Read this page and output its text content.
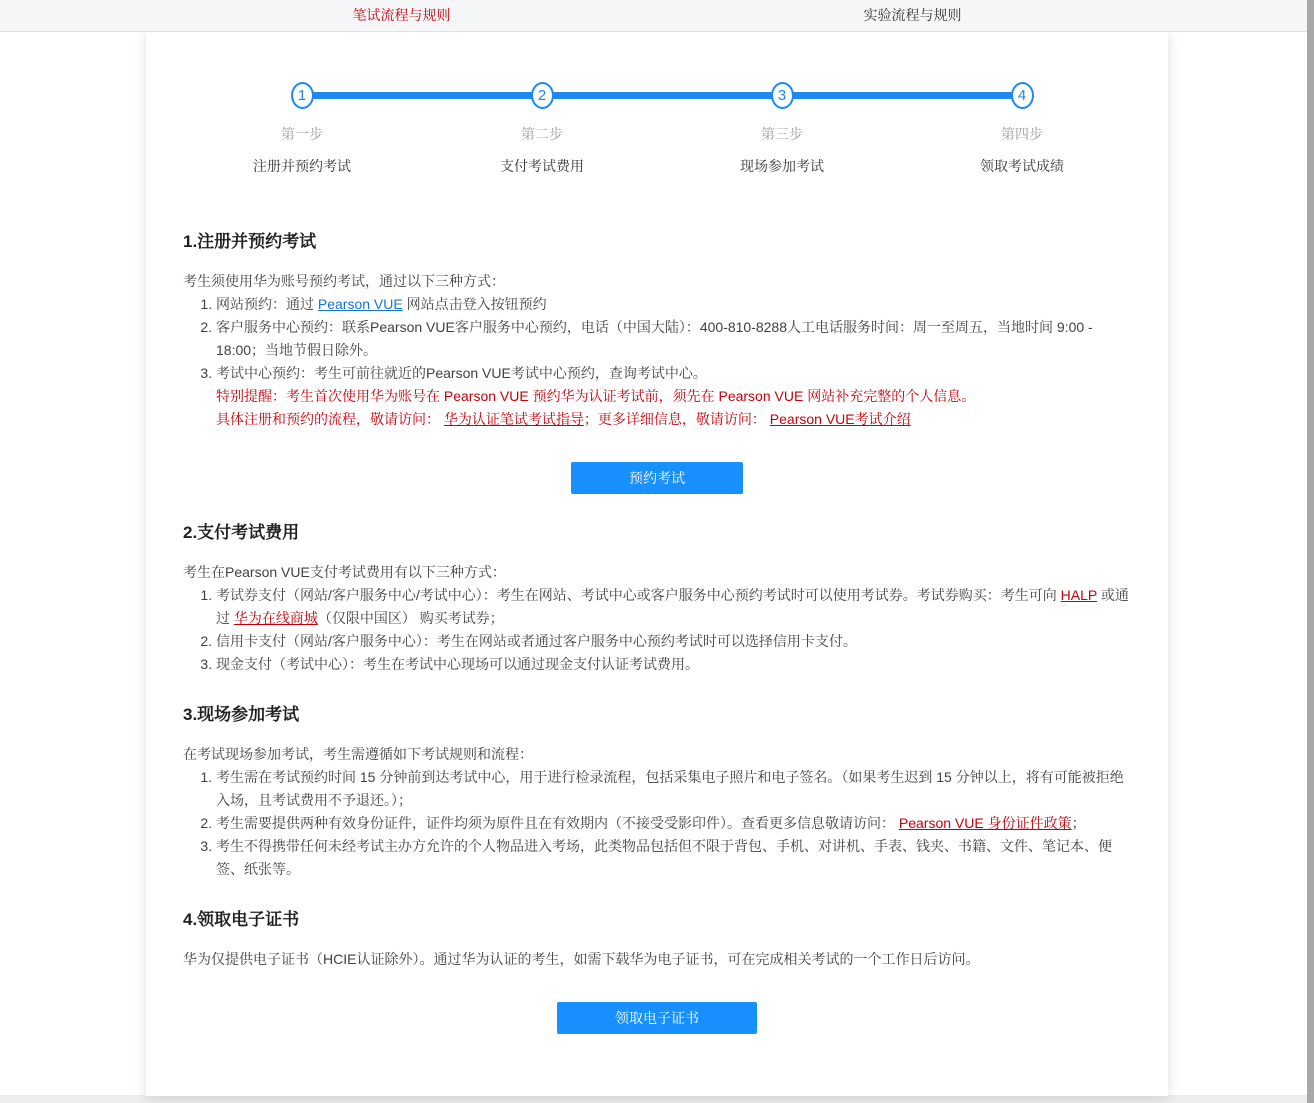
笔试流程与规则	实验流程与规则
1
第一步
注册并预约考试
2
第二步
支付考试费用
3
第三步
现场参加考试
4
第四步
领取考试成绩
1.注册并预约考试

考生须使用华为账号预约考试，通过以下三种方式：

1. 网站预约：通过 Pearson VUE 网站点击登入按钮预约
2. 客户服务中心预约：联系Pearson VUE客户服务中心预约，电话（中国大陆）：400-810-8288人工电话服务时间：周一至周五，当地时间 9:00 - 18:00；当地节假日除外。
3. 考试中心预约：考生可前往就近的Pearson VUE考试中心预约，查询考试中心。
特别提醒：考生首次使用华为账号在 Pearson VUE 预约华为认证考试前，须先在 Pearson VUE 网站补充完整的个人信息。
具体注册和预约的流程，敬请访问： 华为认证笔试考试指导；更多详细信息，敬请访问： Pearson VUE考试介绍
预约考试
2.支付考试费用

考生在Pearson VUE支付考试费用有以下三种方式：

1. 考试券支付（网站/客户服务中心/考试中心）：考生在网站、考试中心或客户服务中心预约考试时可以使用考试券。考试券购买：考生可向 HALP 或通过 华为在线商城（仅限中国区） 购买考试券；
2. 信用卡支付（网站/客户服务中心）：考生在网站或者通过客户服务中心预约考试时可以选择信用卡支付。
3. 现金支付（考试中心）：考生在考试中心现场可以通过现金支付认证考试费用。
3.现场参加考试

在考试现场参加考试，考生需遵循如下考试规则和流程：

1. 考生需在考试预约时间 15 分钟前到达考试中心，用于进行检录流程，包括采集电子照片和电子签名。（如果考生迟到 15 分钟以上，将有可能被拒绝入场，且考试费用不予退还。）；
2. 考生需要提供两种有效身份证件，证件均须为原件且在有效期内（不接受受影印件）。查看更多信息敬请访问： Pearson VUE 身份证件政策；
3. 考生不得携带任何未经考试主办方允许的个人物品进入考场，此类物品包括但不限于背包、手机、对讲机、手表、钱夹、书籍、文件、笔记本、便签、纸张等。
4.领取电子证书

华为仅提供电子证书（HCIE认证除外）。通过华为认证的考生，如需下载华为电子证书，可在完成相关考试的一个工作日后访问。

领取电子证书
